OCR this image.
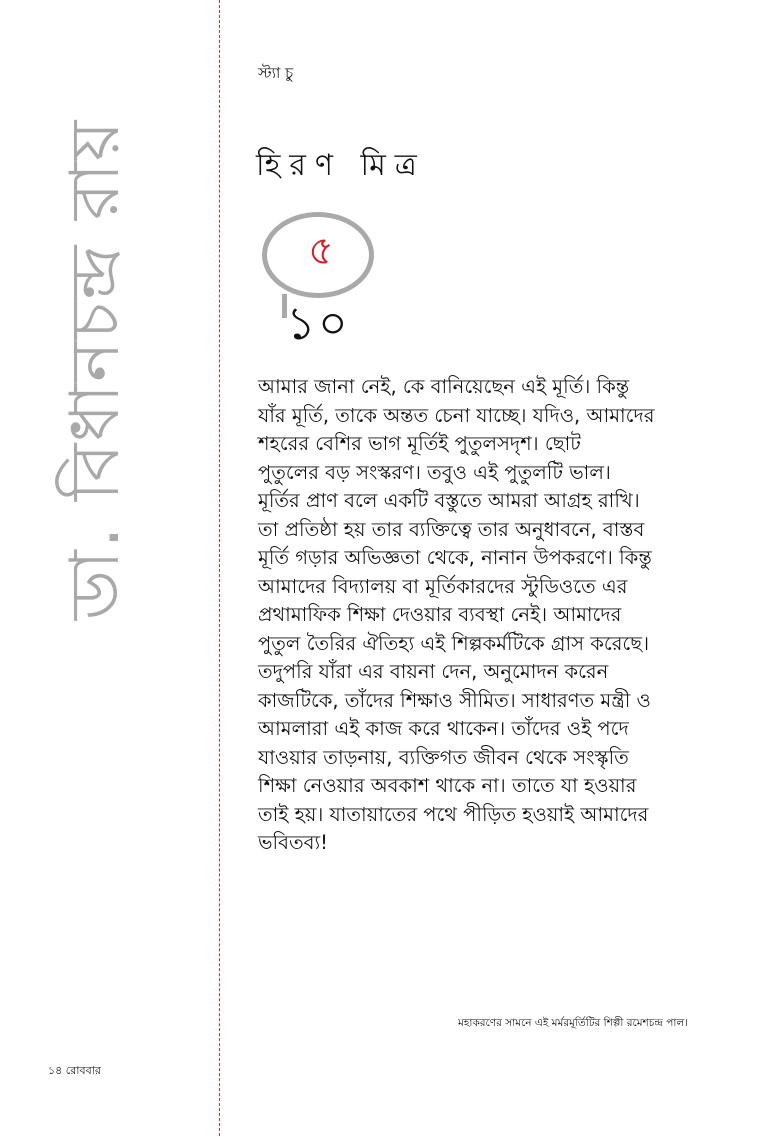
ডা. বিধানচন্দ্র রায়
স্ট্যা চু
হিরণ মিত্র
৫
১০
আমার জানা নেই, কে বানিয়েছেন এই মূর্তি। কিন্তু
যাঁর মূর্তি, তাকে অন্তত চেনা যাচ্ছে। যদিও, আমাদের
শহরের বেশির ভাগ মূর্তিই পুতুলসদৃশ। ছোট
পুতুলের বড় সংস্করণ। তবুও এই পুতুলটি ভাল।
মূর্তির প্রাণ বলে একটি বস্তুতে আমরা আগ্রহ রাখি।
তা প্রতিষ্ঠা হয় তার ব্যক্তিত্বে তার অনুধাবনে, বাস্তব
মূর্তি গড়ার অভিজ্ঞতা থেকে, নানান উপকরণে। কিন্তু
আমাদের বিদ্যালয় বা মূর্তিকারদের স্টুডিওতে এর
প্রথামাফিক শিক্ষা দেওয়ার ব্যবস্থা নেই। আমাদের
পুতুল তৈরির ঐতিহ্য এই শিল্পকর্মটিকে গ্রাস করেছে।
তদুপরি যাঁরা এর বায়না দেন, অনুমোদন করেন
কাজটিকে, তাঁদের শিক্ষাও সীমিত। সাধারণত মন্ত্রী ও
আমলারা এই কাজ করে থাকেন। তাঁদের ওই পদে
যাওয়ার তাড়নায়, ব্যক্তিগত জীবন থেকে সংস্কৃতি
শিক্ষা নেওয়ার অবকাশ থাকে না। তাতে যা হওয়ার
তাই হয়। যাতায়াতের পথে পীড়িত হওয়াই আমাদের
ভবিতব্য!
মহাকরণের সামনে এই মর্মরমূর্তিটির শিল্পী রমেশচন্দ্র পাল।
১৪ রোববার
